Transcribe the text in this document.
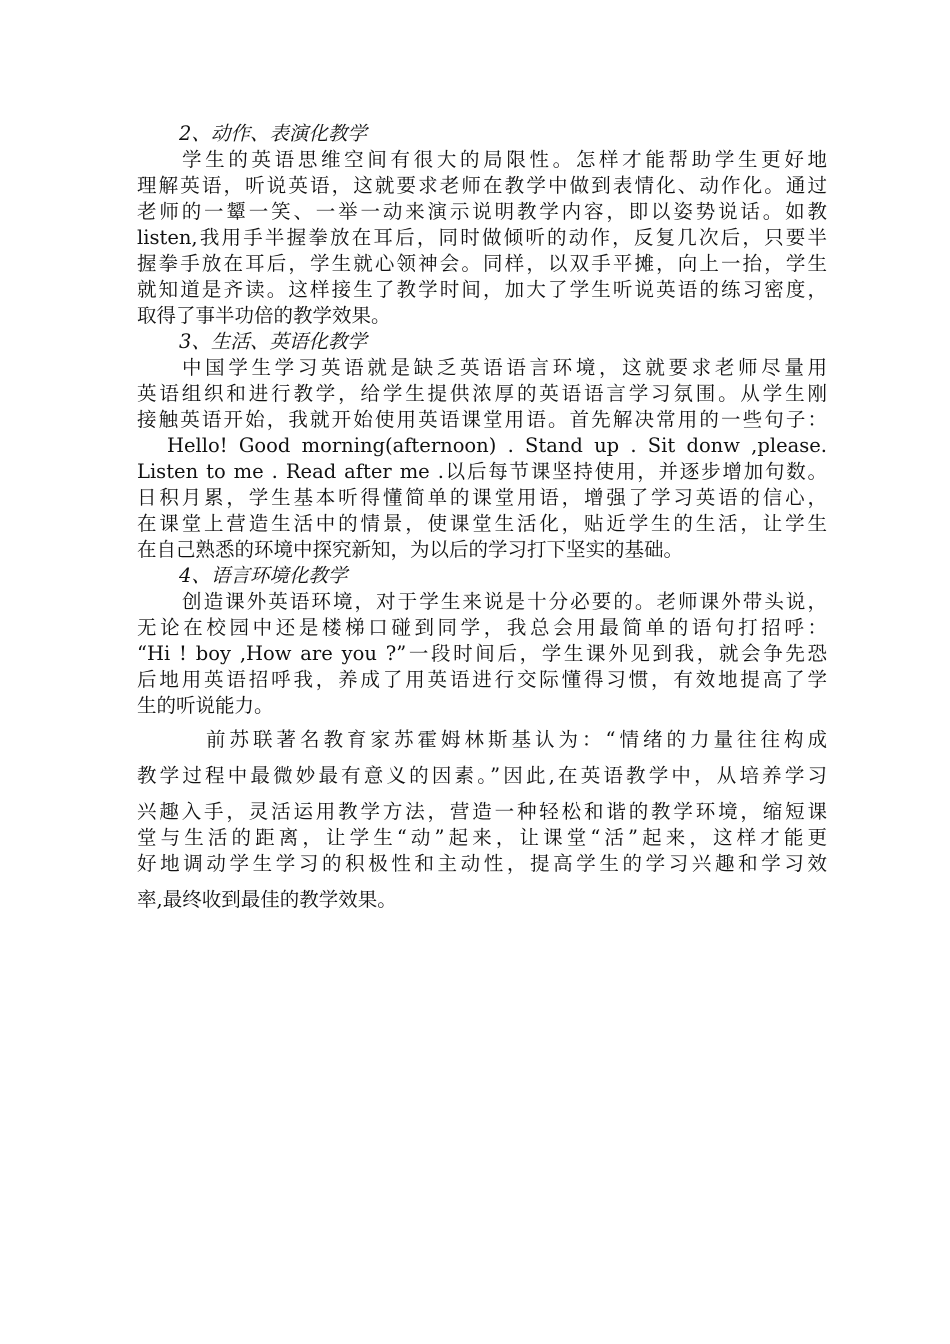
2、动作、表演化教学
学生的英语思维空间有很大的局限性。怎样才能帮助学生更好地
理解英语，听说英语，这就要求老师在教学中做到表情化、动作化。通过
老师的一颦一笑、一举一动来演示说明教学内容，即以姿势说话。如教
listen,我用手半握拳放在耳后，同时做倾听的动作，反复几次后，只要半
握拳手放在耳后，学生就心领神会。同样，以双手平摊，向上一抬，学生
就知道是齐读。这样接生了教学时间，加大了学生听说英语的练习密度，
取得了事半功倍的教学效果。
3、生活、英语化教学
中国学生学习英语就是缺乏英语语言环境，这就要求老师尽量用
英语组织和进行教学，给学生提供浓厚的英语语言学习氛围。从学生刚
接触英语开始，我就开始使用英语课堂用语。首先解决常用的一些句子：
Hello! Good morning(afternoon) . Stand up . Sit donw ,please.
Listen to me . Read after me .以后每节课坚持使用，并逐步增加句数。
日积月累，学生基本听得懂简单的课堂用语，增强了学习英语的信心，
在课堂上营造生活中的情景，使课堂生活化，贴近学生的生活，让学生
在自己熟悉的环境中探究新知，为以后的学习打下坚实的基础。
4、语言环境化教学
创造课外英语环境，对于学生来说是十分必要的。老师课外带头说，
无论在校园中还是楼梯口碰到同学，我总会用最简单的语句打招呼：
“Hi ! boy ,How are you ?”一段时间后，学生课外见到我，就会争先恐
后地用英语招呼我，养成了用英语进行交际懂得习惯，有效地提高了学
生的听说能力。
前苏联著名教育家苏霍姆林斯基认为：“情绪的力量往往构成
教学过程中最微妙最有意义的因素。”因此,在英语教学中，从培养学习
兴趣入手，灵活运用教学方法，营造一种轻松和谐的教学环境，缩短课
堂与生活的距离，让学生“动”起来，让课堂“活”起来，这样才能更
好地调动学生学习的积极性和主动性，提高学生的学习兴趣和学习效
率,最终收到最佳的教学效果。
